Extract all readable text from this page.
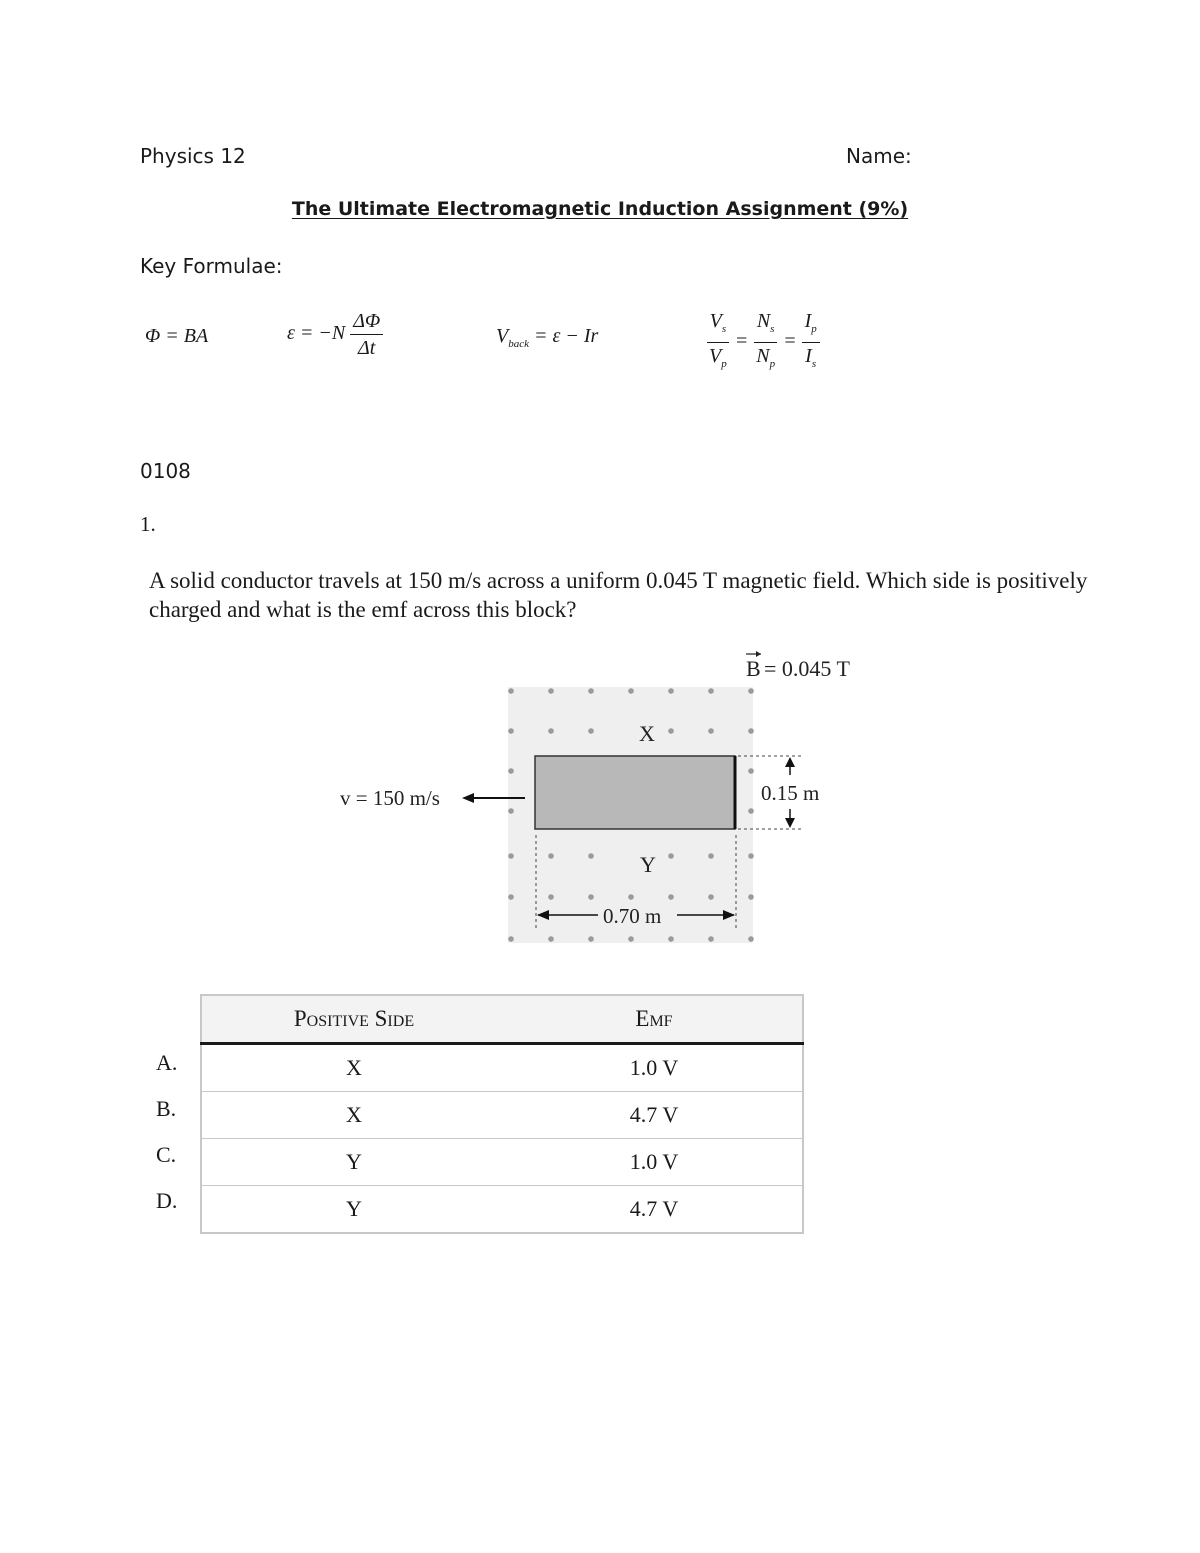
Physics 12	Name:
The Ultimate Electromagnetic Induction Assignment (9%)
Key Formulae:
Φ = BA	$\varepsilon = -N \frac{\Delta\Phi}{\Delta t}$	$V_{back} = \varepsilon - Ir$	$\frac{V_s}{V_p} = \frac{N_s}{N_p} = \frac{I_p}{I_s}$
0108
1.
A solid conductor travels at 150 m/s across a uniform 0.045 T magnetic field. Which side is positively charged and what is the emf across this block?
B = 0.045 T
v = 150 m/s
X
Y
0.15 m
0.70 m
Positive Side	Emf
X	1.0 V
X	4.7 V
Y	1.0 V
Y	4.7 V
A.
B.
C.
D.
